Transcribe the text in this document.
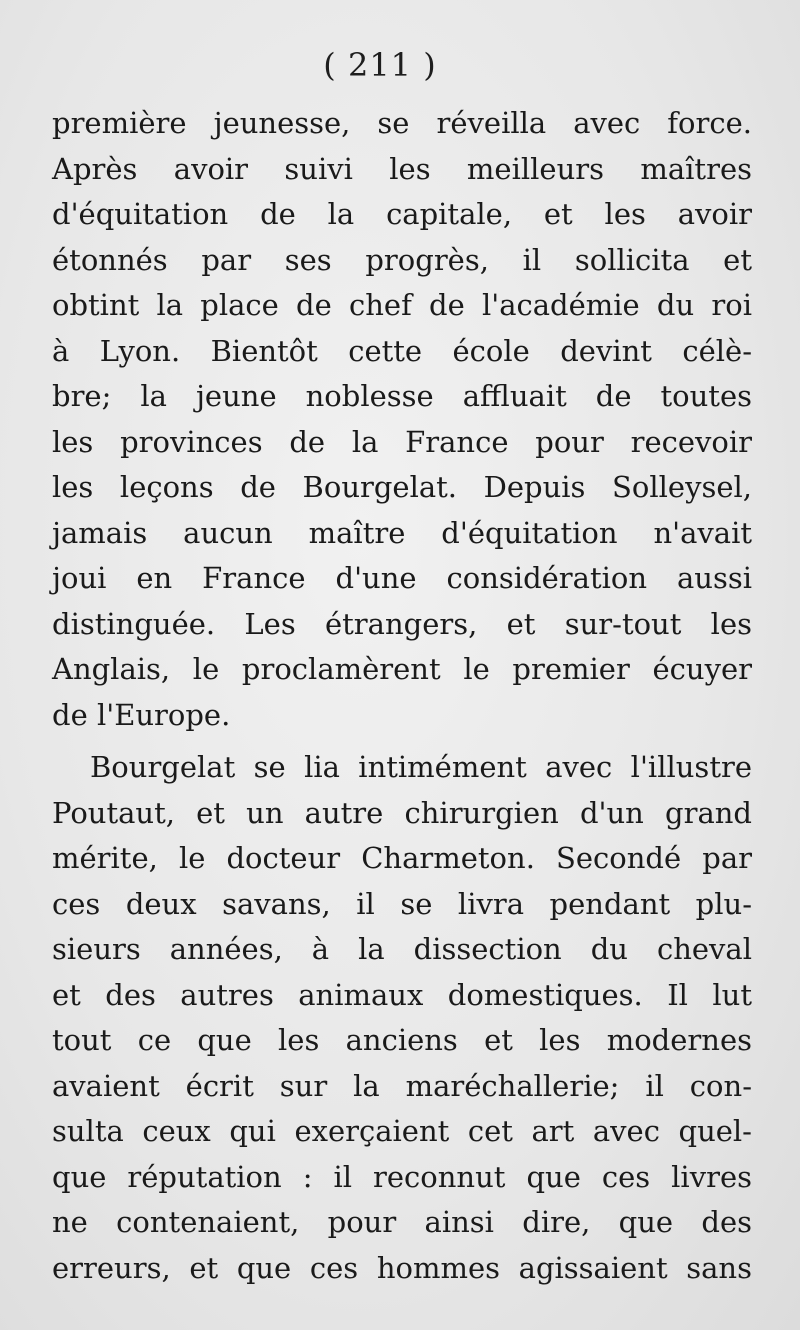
( 211 )
première jeunesse, se réveilla avec force.
Après avoir suivi les meilleurs maîtres
d'équitation de la capitale, et les avoir
étonnés par ses progrès, il sollicita et
obtint la place de chef de l'académie du roi
à Lyon. Bientôt cette école devint célè-
bre; la jeune noblesse affluait de toutes
les provinces de la France pour recevoir
les leçons de Bourgelat. Depuis Solleysel,
jamais aucun maître d'équitation n'avait
joui en France d'une considération aussi
distinguée. Les étrangers, et sur-tout les
Anglais, le proclamèrent le premier écuyer
de l'Europe.
Bourgelat se lia intimément avec l'illustre
Poutaut, et un autre chirurgien d'un grand
mérite, le docteur Charmeton. Secondé par
ces deux savans, il se livra pendant plu-
sieurs années, à la dissection du cheval
et des autres animaux domestiques. Il lut
tout ce que les anciens et les modernes
avaient écrit sur la maréchallerie; il con-
sulta ceux qui exerçaient cet art avec quel-
que réputation : il reconnut que ces livres
ne contenaient, pour ainsi dire, que des
erreurs, et que ces hommes agissaient sans
